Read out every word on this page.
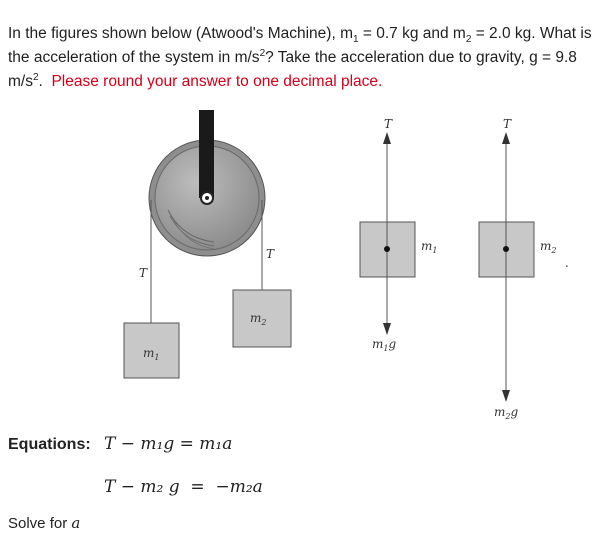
In the figures shown below (Atwood's Machine), $m_1 = 0.7$ kg and $m_2 = 2.0$ kg. What is the acceleration of the system in $m/s^2$? Take the acceleration due to gravity, g = 9.8 $m/s^2$. Please round your answer to one decimal place.
T
T
$m_1$
$m_2$
T
$m_1$
$m_1g$
T
$m_2$
.
$m_2g$
Equations: T − m₁g = m₁a
T − m₂ g  =  −m₂a
Solve for a
